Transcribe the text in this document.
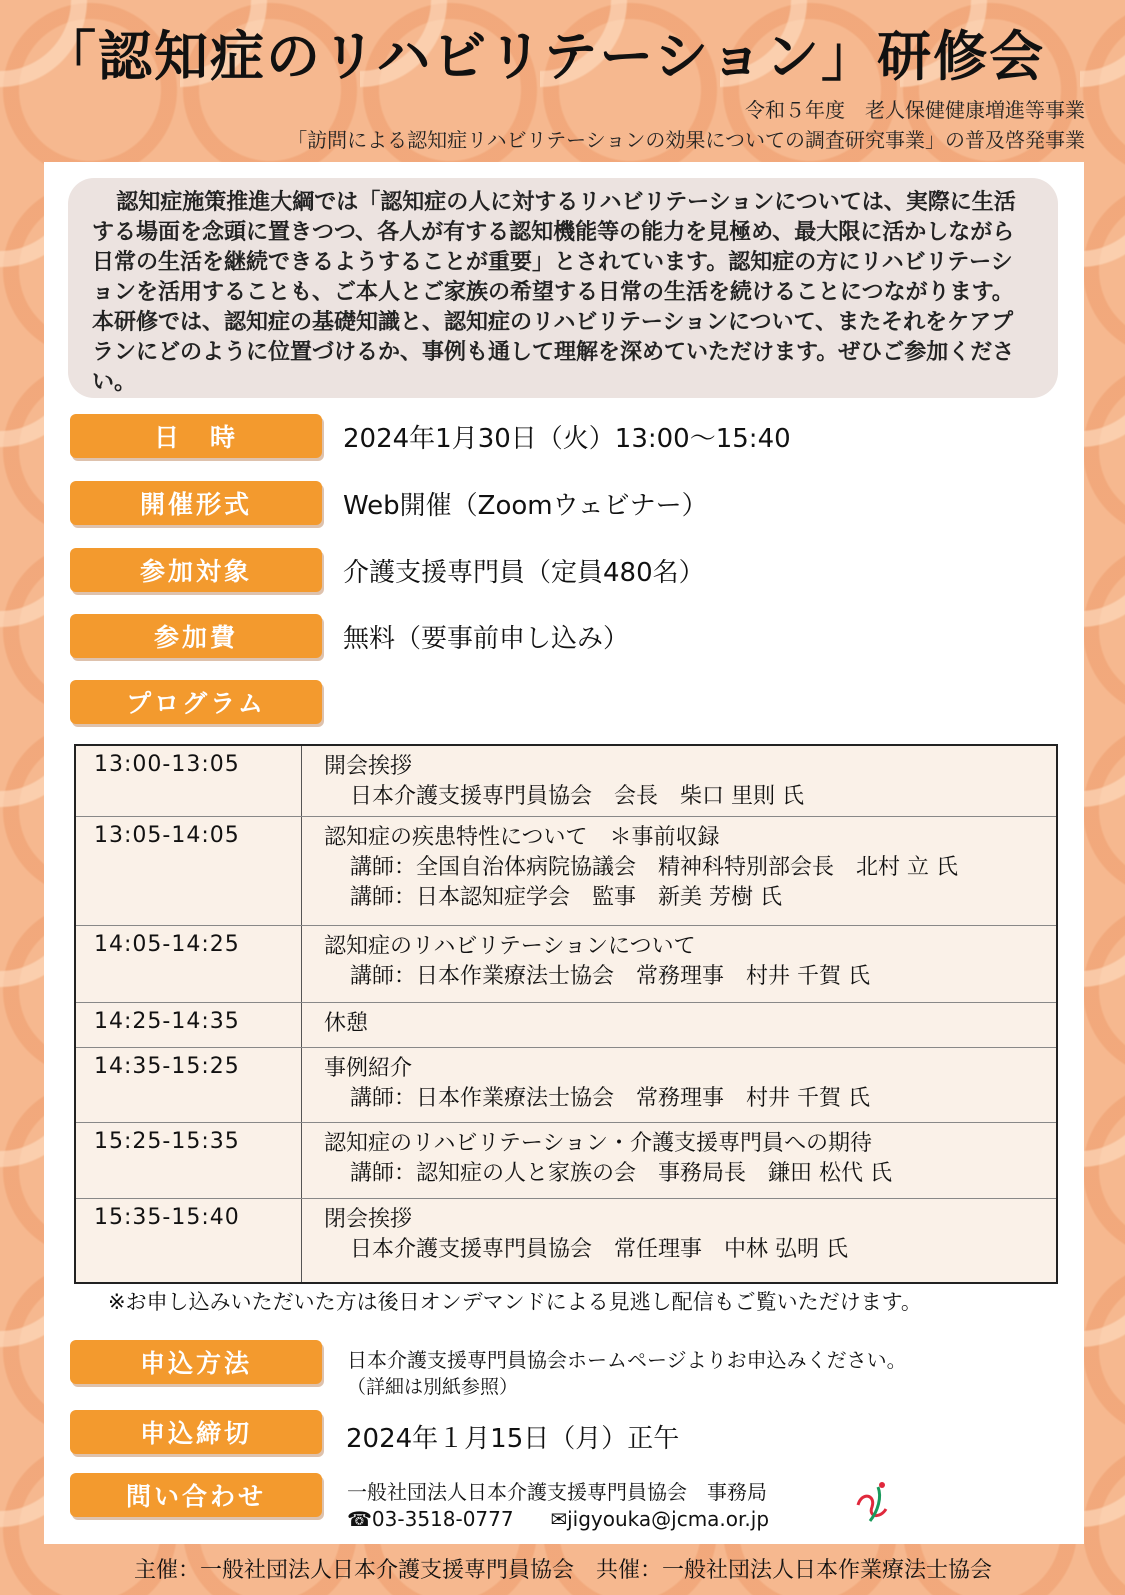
「認知症のリハビリテーション」研修会
令和５年度　老人保健健康増進等事業
「訪問による認知症リハビリテーションの効果についての調査研究事業」の普及啓発事業
認知症施策推進大綱では「認知症の人に対するリハビリテーションについては、実際に生活する場面を念頭に置きつつ、各人が有する認知機能等の能力を見極め、最大限に活かしながら日常の生活を継続できるようすることが重要」とされています。認知症の方にリハビリテーションを活用することも、ご本人とご家族の希望する日常の生活を続けることにつながります。本研修では、認知症の基礎知識と、認知症のリハビリテーションについて、またそれをケアプランにどのように位置づけるか、事例も通して理解を深めていただけます。ぜひご参加ください。
日　時	2024年1月30日（火）13:00～15:40
開催形式	Web開催（Zoomウェビナー）
参加対象	介護支援専門員（定員480名）
参加費	無料（要事前申し込み）
プログラム
13:00-13:05	開会挨拶
日本介護支援専門員協会　会長　柴口 里則 氏
13:05-14:05	認知症の疾患特性について　＊事前収録
講師：全国自治体病院協議会　精神科特別部会長　北村 立 氏
講師：日本認知症学会　監事　新美 芳樹 氏
14:05-14:25	認知症のリハビリテーションについて
講師：日本作業療法士協会　常務理事　村井 千賀 氏
14:25-14:35	休憩
14:35-15:25	事例紹介
講師：日本作業療法士協会　常務理事　村井 千賀 氏
15:25-15:35	認知症のリハビリテーション・介護支援専門員への期待
講師：認知症の人と家族の会　事務局長　鎌田 松代 氏
15:35-15:40	閉会挨拶
日本介護支援専門員協会　常任理事　中林 弘明 氏
※お申し込みいただいた方は後日オンデマンドによる見逃し配信もご覧いただけます。
申込方法	日本介護支援専門員協会ホームページよりお申込みください。
（詳細は別紙参照）
申込締切	2024年１月15日（月）正午
問い合わせ	一般社団法人日本介護支援専門員協会　事務局
☎03-3518-0777 ✉jigyouka@jcma.or.jp
主催：一般社団法人日本介護支援専門員協会　共催：一般社団法人日本作業療法士協会
